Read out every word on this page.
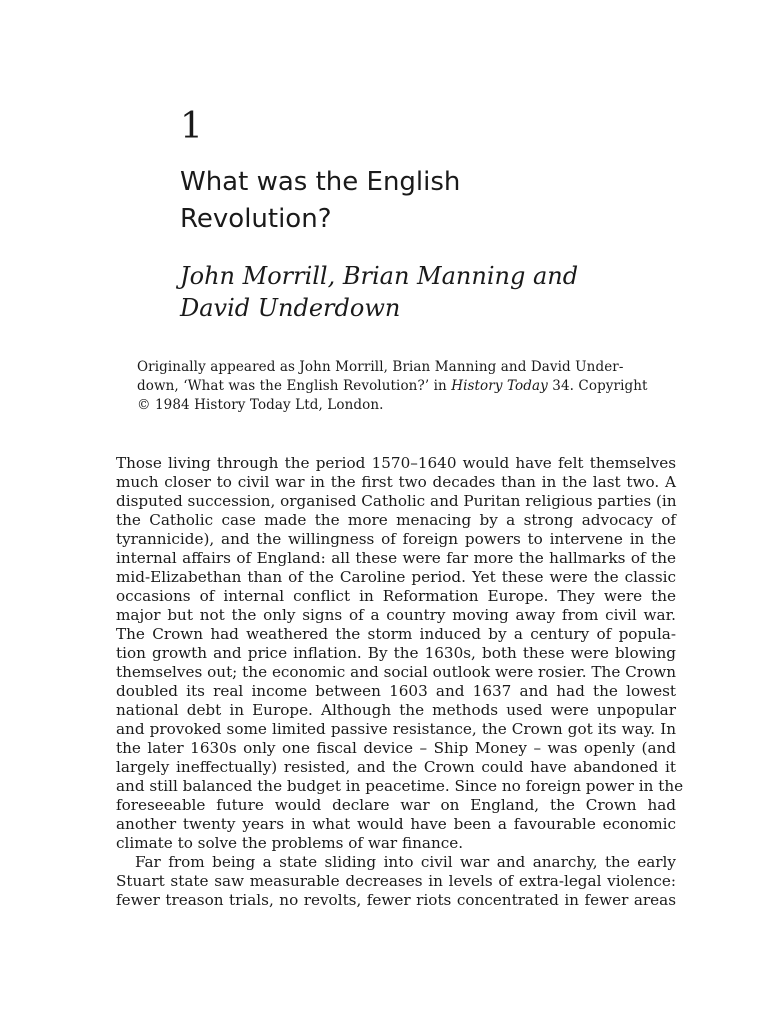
1
What was the English
Revolution?
John Morrill, Brian Manning and
David Underdown

Originally appeared as John Morrill, Brian Manning and David Under-
down, ‘What was the English Revolution?’ in History Today 34. Copyright
© 1984 History Today Ltd, London.

Those living through the period 1570–1640 would have felt themselves
much closer to civil war in the first two decades than in the last two. A
disputed succession, organised Catholic and Puritan religious parties (in
the Catholic case made the more menacing by a strong advocacy of
tyrannicide), and the willingness of foreign powers to intervene in the
internal affairs of England: all these were far more the hallmarks of the
mid-Elizabethan than of the Caroline period. Yet these were the classic
occasions of internal conflict in Reformation Europe. They were the
major but not the only signs of a country moving away from civil war.
The Crown had weathered the storm induced by a century of popula-
tion growth and price inflation. By the 1630s, both these were blowing
themselves out; the economic and social outlook were rosier. The Crown
doubled its real income between 1603 and 1637 and had the lowest
national debt in Europe. Although the methods used were unpopular
and provoked some limited passive resistance, the Crown got its way. In
the later 1630s only one fiscal device – Ship Money – was openly (and
largely ineffectually) resisted, and the Crown could have abandoned it
and still balanced the budget in peacetime. Since no foreign power in the
foreseeable future would declare war on England, the Crown had
another twenty years in what would have been a favourable economic
climate to solve the problems of war finance.
Far from being a state sliding into civil war and anarchy, the early
Stuart state saw measurable decreases in levels of extra-legal violence:
fewer treason trials, no revolts, fewer riots concentrated in fewer areas
